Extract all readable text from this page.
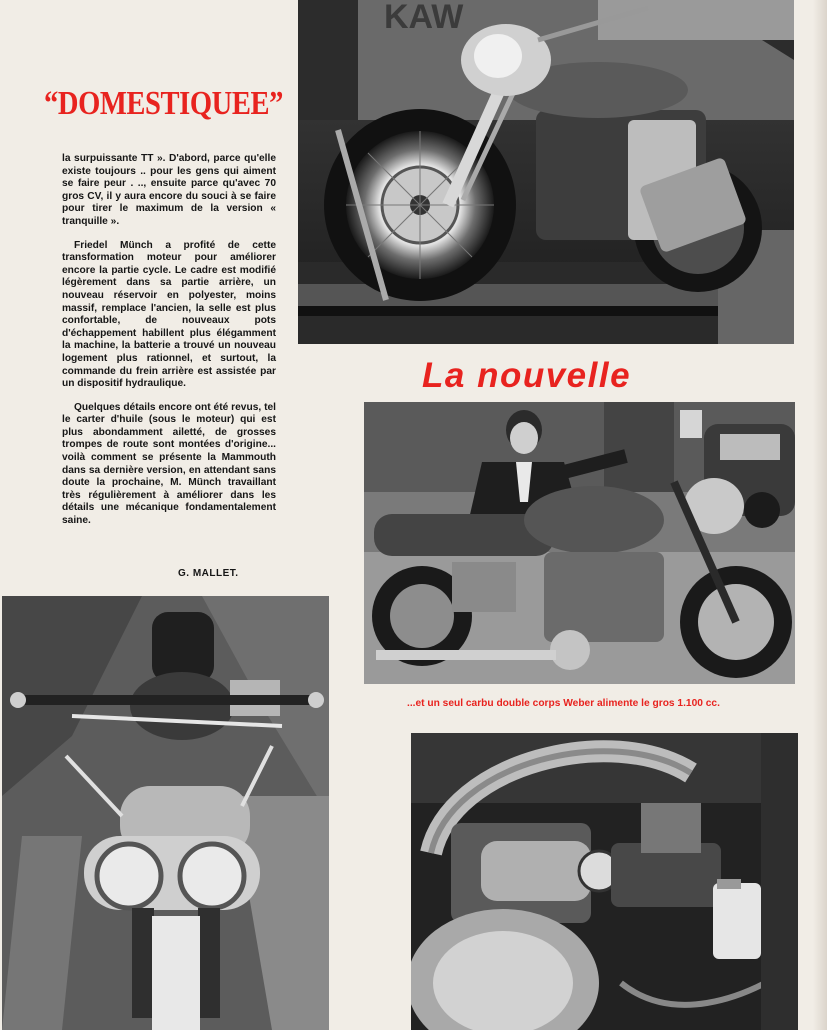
“DOMESTIQUEE”

la surpuissante TT ». D'abord, parce qu'elle existe toujours .. pour les gens qui aiment se faire peur . .., ensuite parce qu'avec 70 gros CV, il y aura encore du souci à se faire pour tirer le maximum de la version « tranquille ».

Friedel Münch a profité de cette transformation moteur pour améliorer encore la partie cycle. Le cadre est modifié légèrement dans sa partie arrière, un nouveau réservoir en polyester, moins massif, remplace l'ancien, la selle est plus confortable, de nouveaux pots d'échappement habillent plus élégamment la machine, la batterie a trouvé un nouveau logement plus rationnel, et surtout, la commande du frein arrière est assistée par un dispositif hydraulique.

Quelques détails encore ont été revus, tel le carter d'huile (sous le moteur) qui est plus abondamment ailetté, de grosses trompes de route sont montées d'origine... voilà comment se présente la Mammouth dans sa dernière version, en attendant sans doute la prochaine, M. Münch travaillant très régulièrement à améliorer dans les détails une mécanique fondamentalement saine.

G. MALLET.
KAW
La nouvelle
...et un seul carbu double corps Weber alimente le gros 1.100 cc.
